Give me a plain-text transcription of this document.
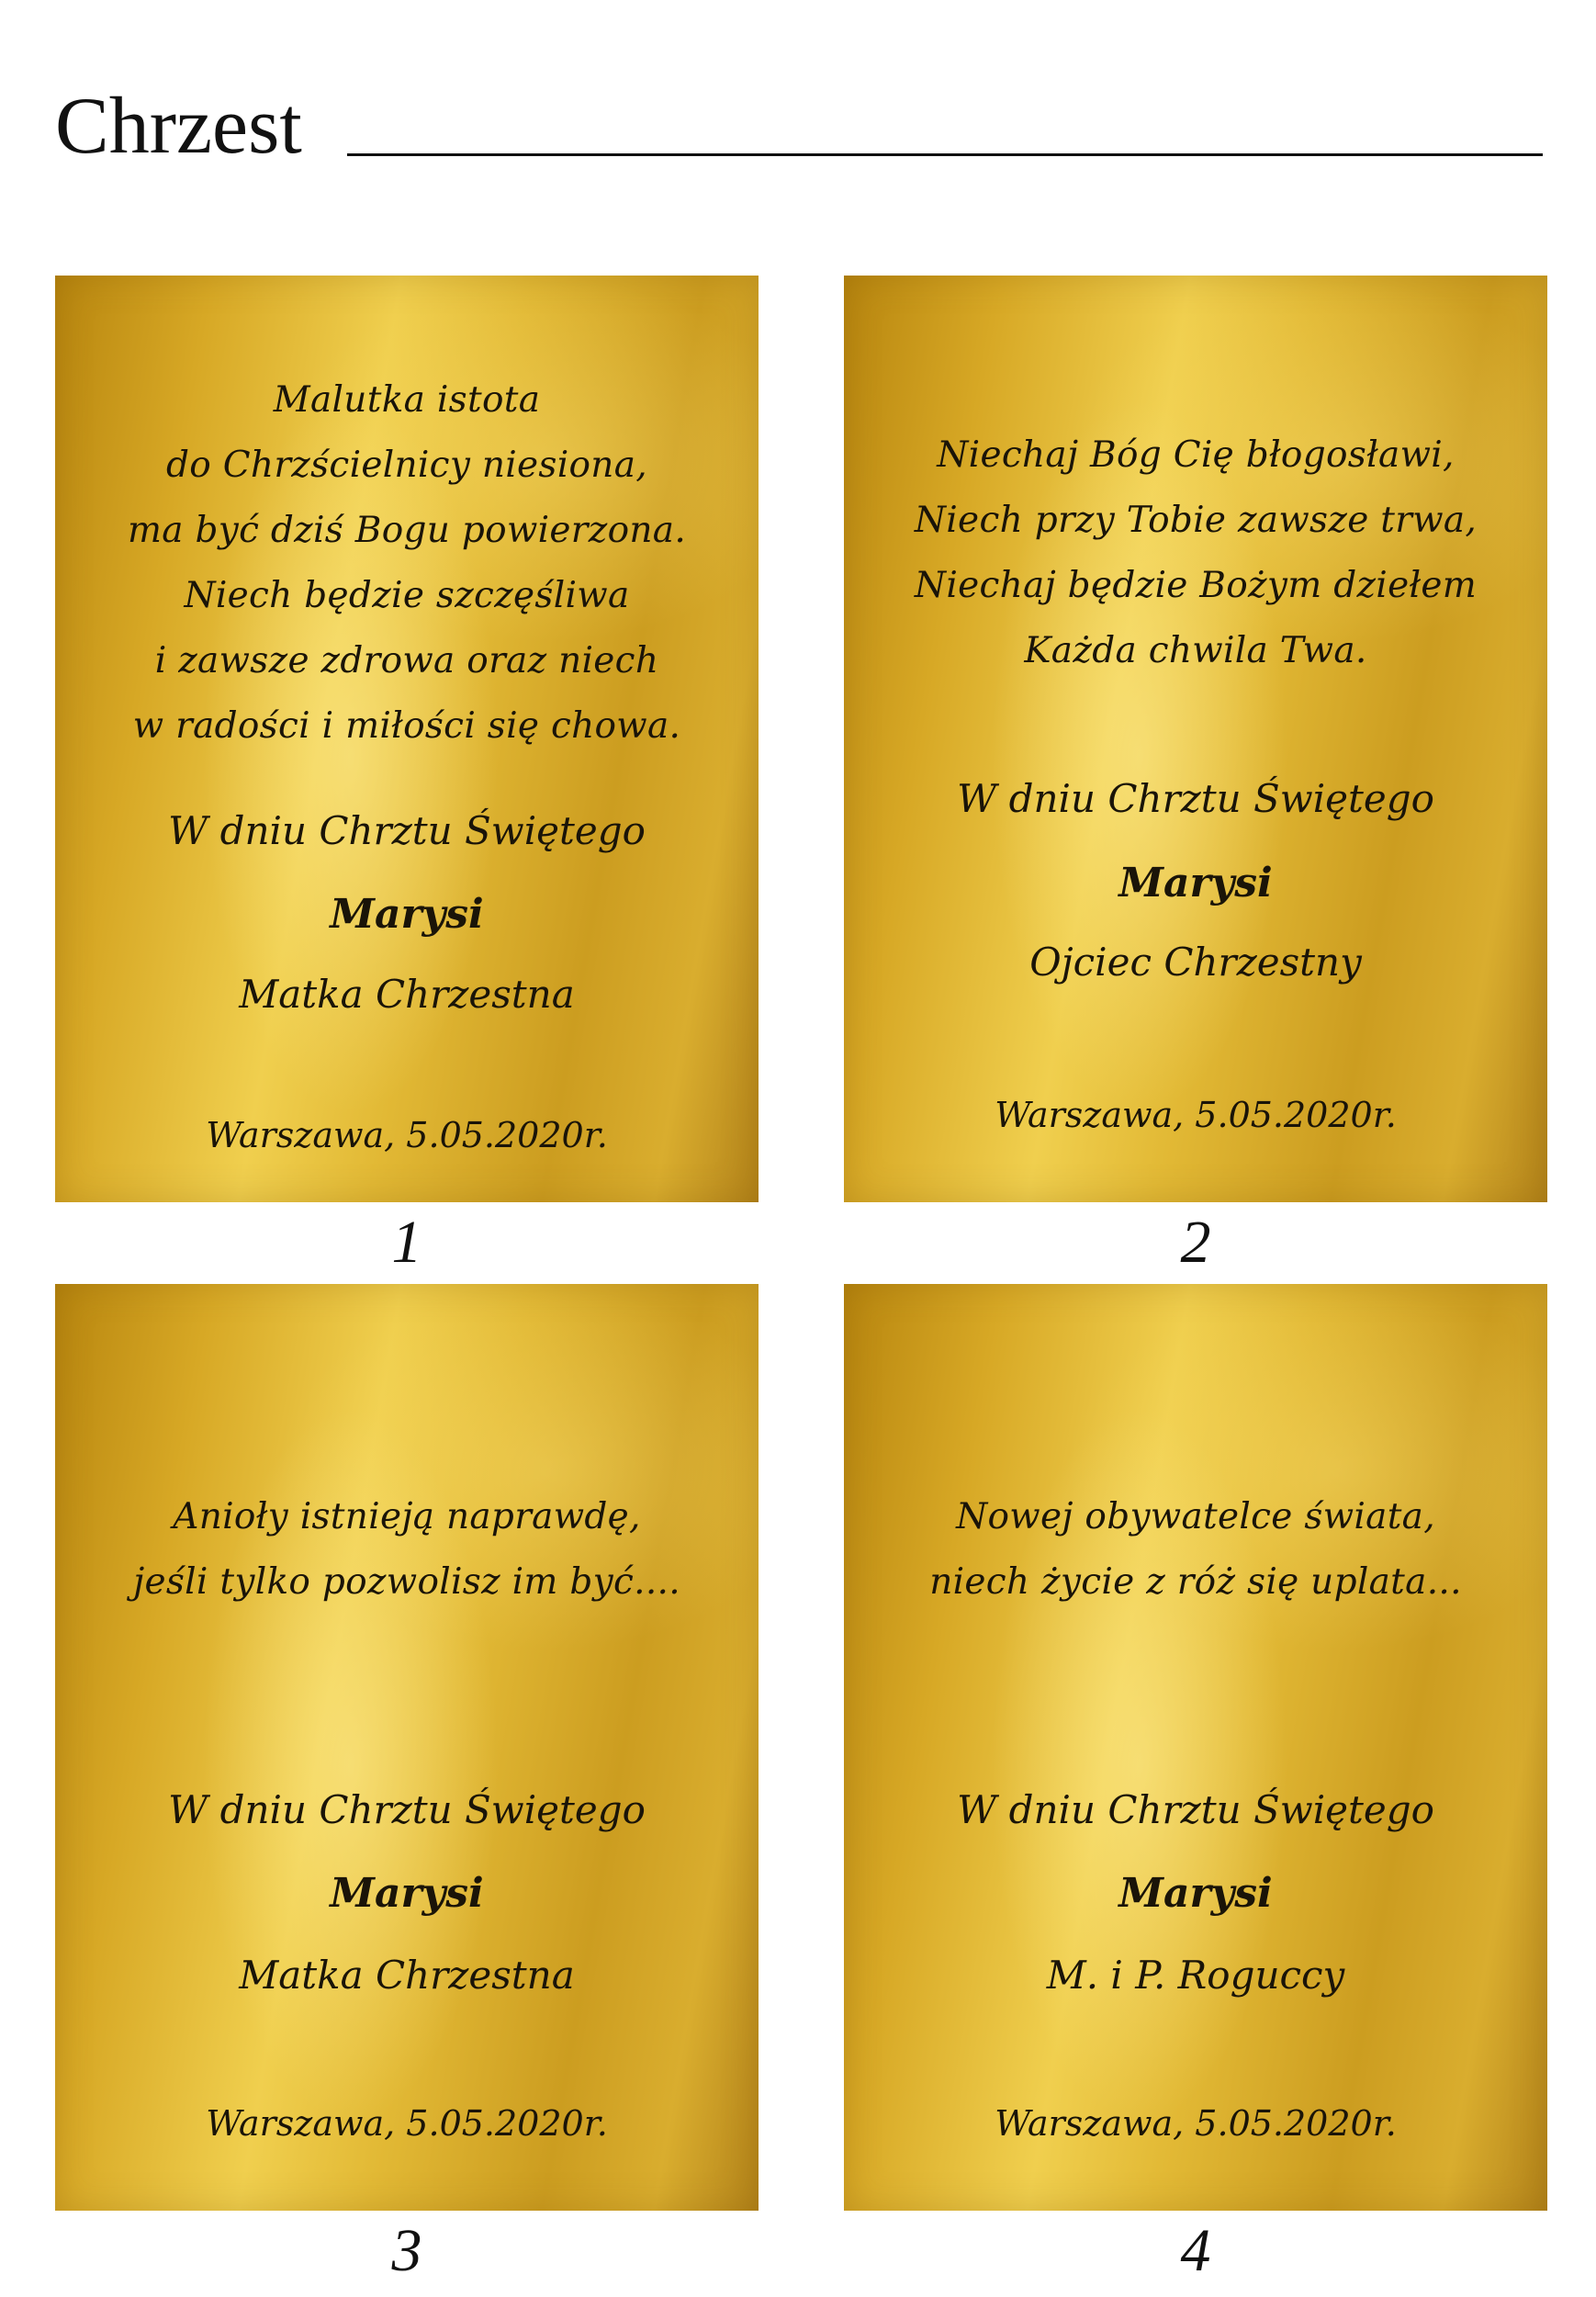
Chrzest
Malutka istota
do Chrzścielnicy niesiona,
ma być dziś Bogu powierzona.
Niech będzie szczęśliwa
i zawsze zdrowa oraz niech
w radości i miłości się chowa.
W dniu Chrztu Świętego
Marysi
Matka Chrzestna
Warszawa, 5.05.2020r.
1
Niechaj Bóg Cię błogosławi,
Niech przy Tobie zawsze trwa,
Niechaj będzie Bożym dziełem
Każda chwila Twa.
W dniu Chrztu Świętego
Marysi
Ojciec Chrzestny
Warszawa, 5.05.2020r.
2
Anioły istnieją naprawdę,
jeśli tylko pozwolisz im być....
W dniu Chrztu Świętego
Marysi
Matka Chrzestna
Warszawa, 5.05.2020r.
3
Nowej obywatelce świata,
niech życie z róż się uplata...
W dniu Chrztu Świętego
Marysi
M. i P. Roguccy
Warszawa, 5.05.2020r.
4
